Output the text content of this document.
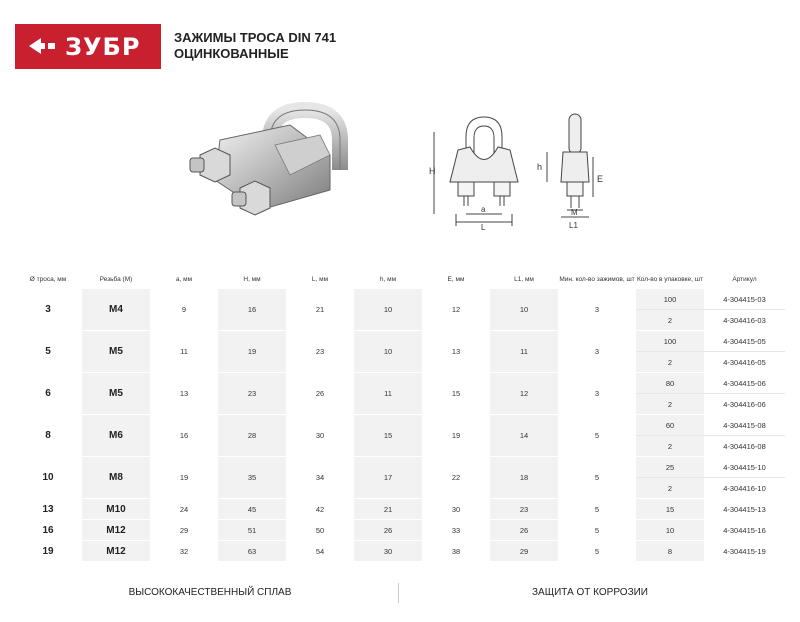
ЗУБР	ЗАЖИМЫ ТРОСА DIN 741
ОЦИНКОВАННЫЕ
H
a
L
h
E
M
L1
Ø троса, мм	Резьба (М)	а, мм	Н, мм	L, мм	h, мм	E, мм	L1, мм	Мин. кол-во зажимов, шт	Кол-во в упаковке, шт	Артикул
3	M4	9	16	21	10	12	10	3	100	4-304415-03
									2	4-304416-03
5	M5	11	19	23	10	13	11	3	100	4-304415-05
									2	4-304416-05
6	M5	13	23	26	11	15	12	3	80	4-304415-06
									2	4-304416-06
8	M6	16	28	30	15	19	14	5	60	4-304415-08
									2	4-304416-08
10	M8	19	35	34	17	22	18	5	25	4-304415-10
									2	4-304416-10
13	M10	24	45	42	21	30	23	5	15	4-304415-13
16	M12	29	51	50	26	33	26	5	10	4-304415-16
19	M12	32	63	54	30	38	29	5	8	4-304415-19
ВЫСОКОКАЧЕСТВЕННЫЙ СПЛАВ	ЗАЩИТА ОТ КОРРОЗИИ
